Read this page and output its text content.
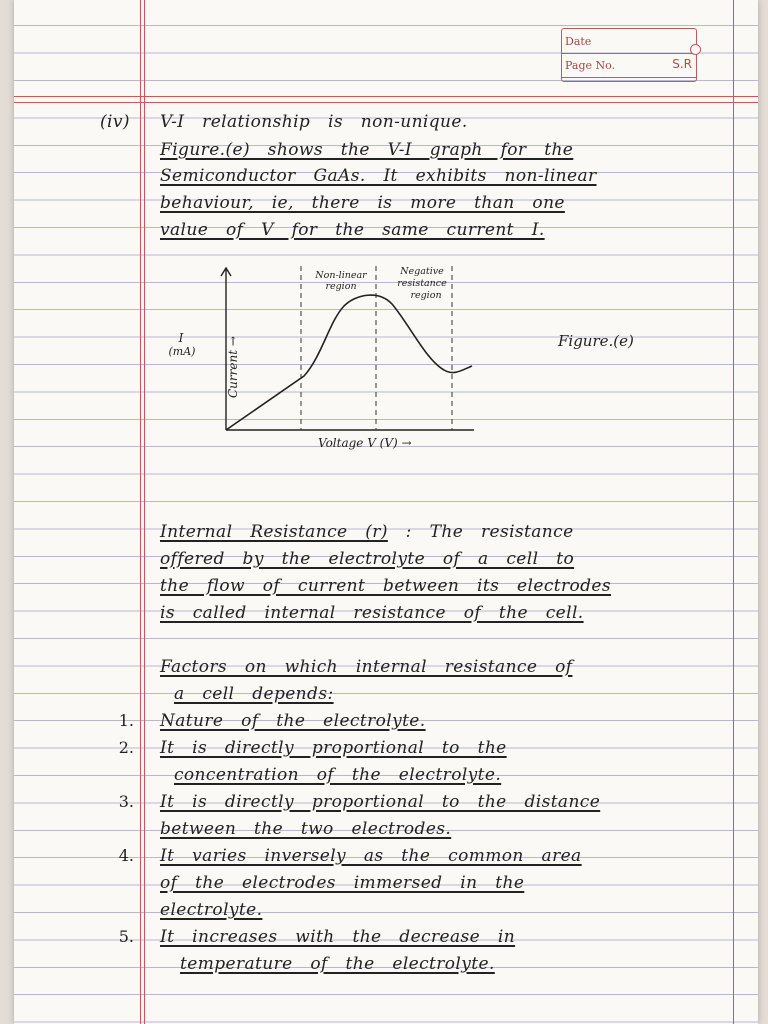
Date
Page No.	S.R
(iv) V-I relationship is non-unique.
Figure.(e) shows the V-I graph for the
Semiconductor GaAs. It exhibits non-linear
behaviour, ie, there is more than one
value of V for the same current I.
Non-linear
region
Negative
resistance
region
I
(mA)	Current →
Voltage V (V) →
Figure.(e)
Internal Resistance (r) : The resistance
offered by the electrolyte of a cell to
the flow of current between its electrodes
is called internal resistance of the cell.
Factors on which internal resistance of
a cell depends:
1. Nature of the electrolyte.
2. It is directly proportional to the
concentration of the electrolyte.
3. It is directly proportional to the distance
between the two electrodes.
4. It varies inversely as the common area
of the electrodes immersed in the
electrolyte.
5. It increases with the decrease in
temperature of the electrolyte.
